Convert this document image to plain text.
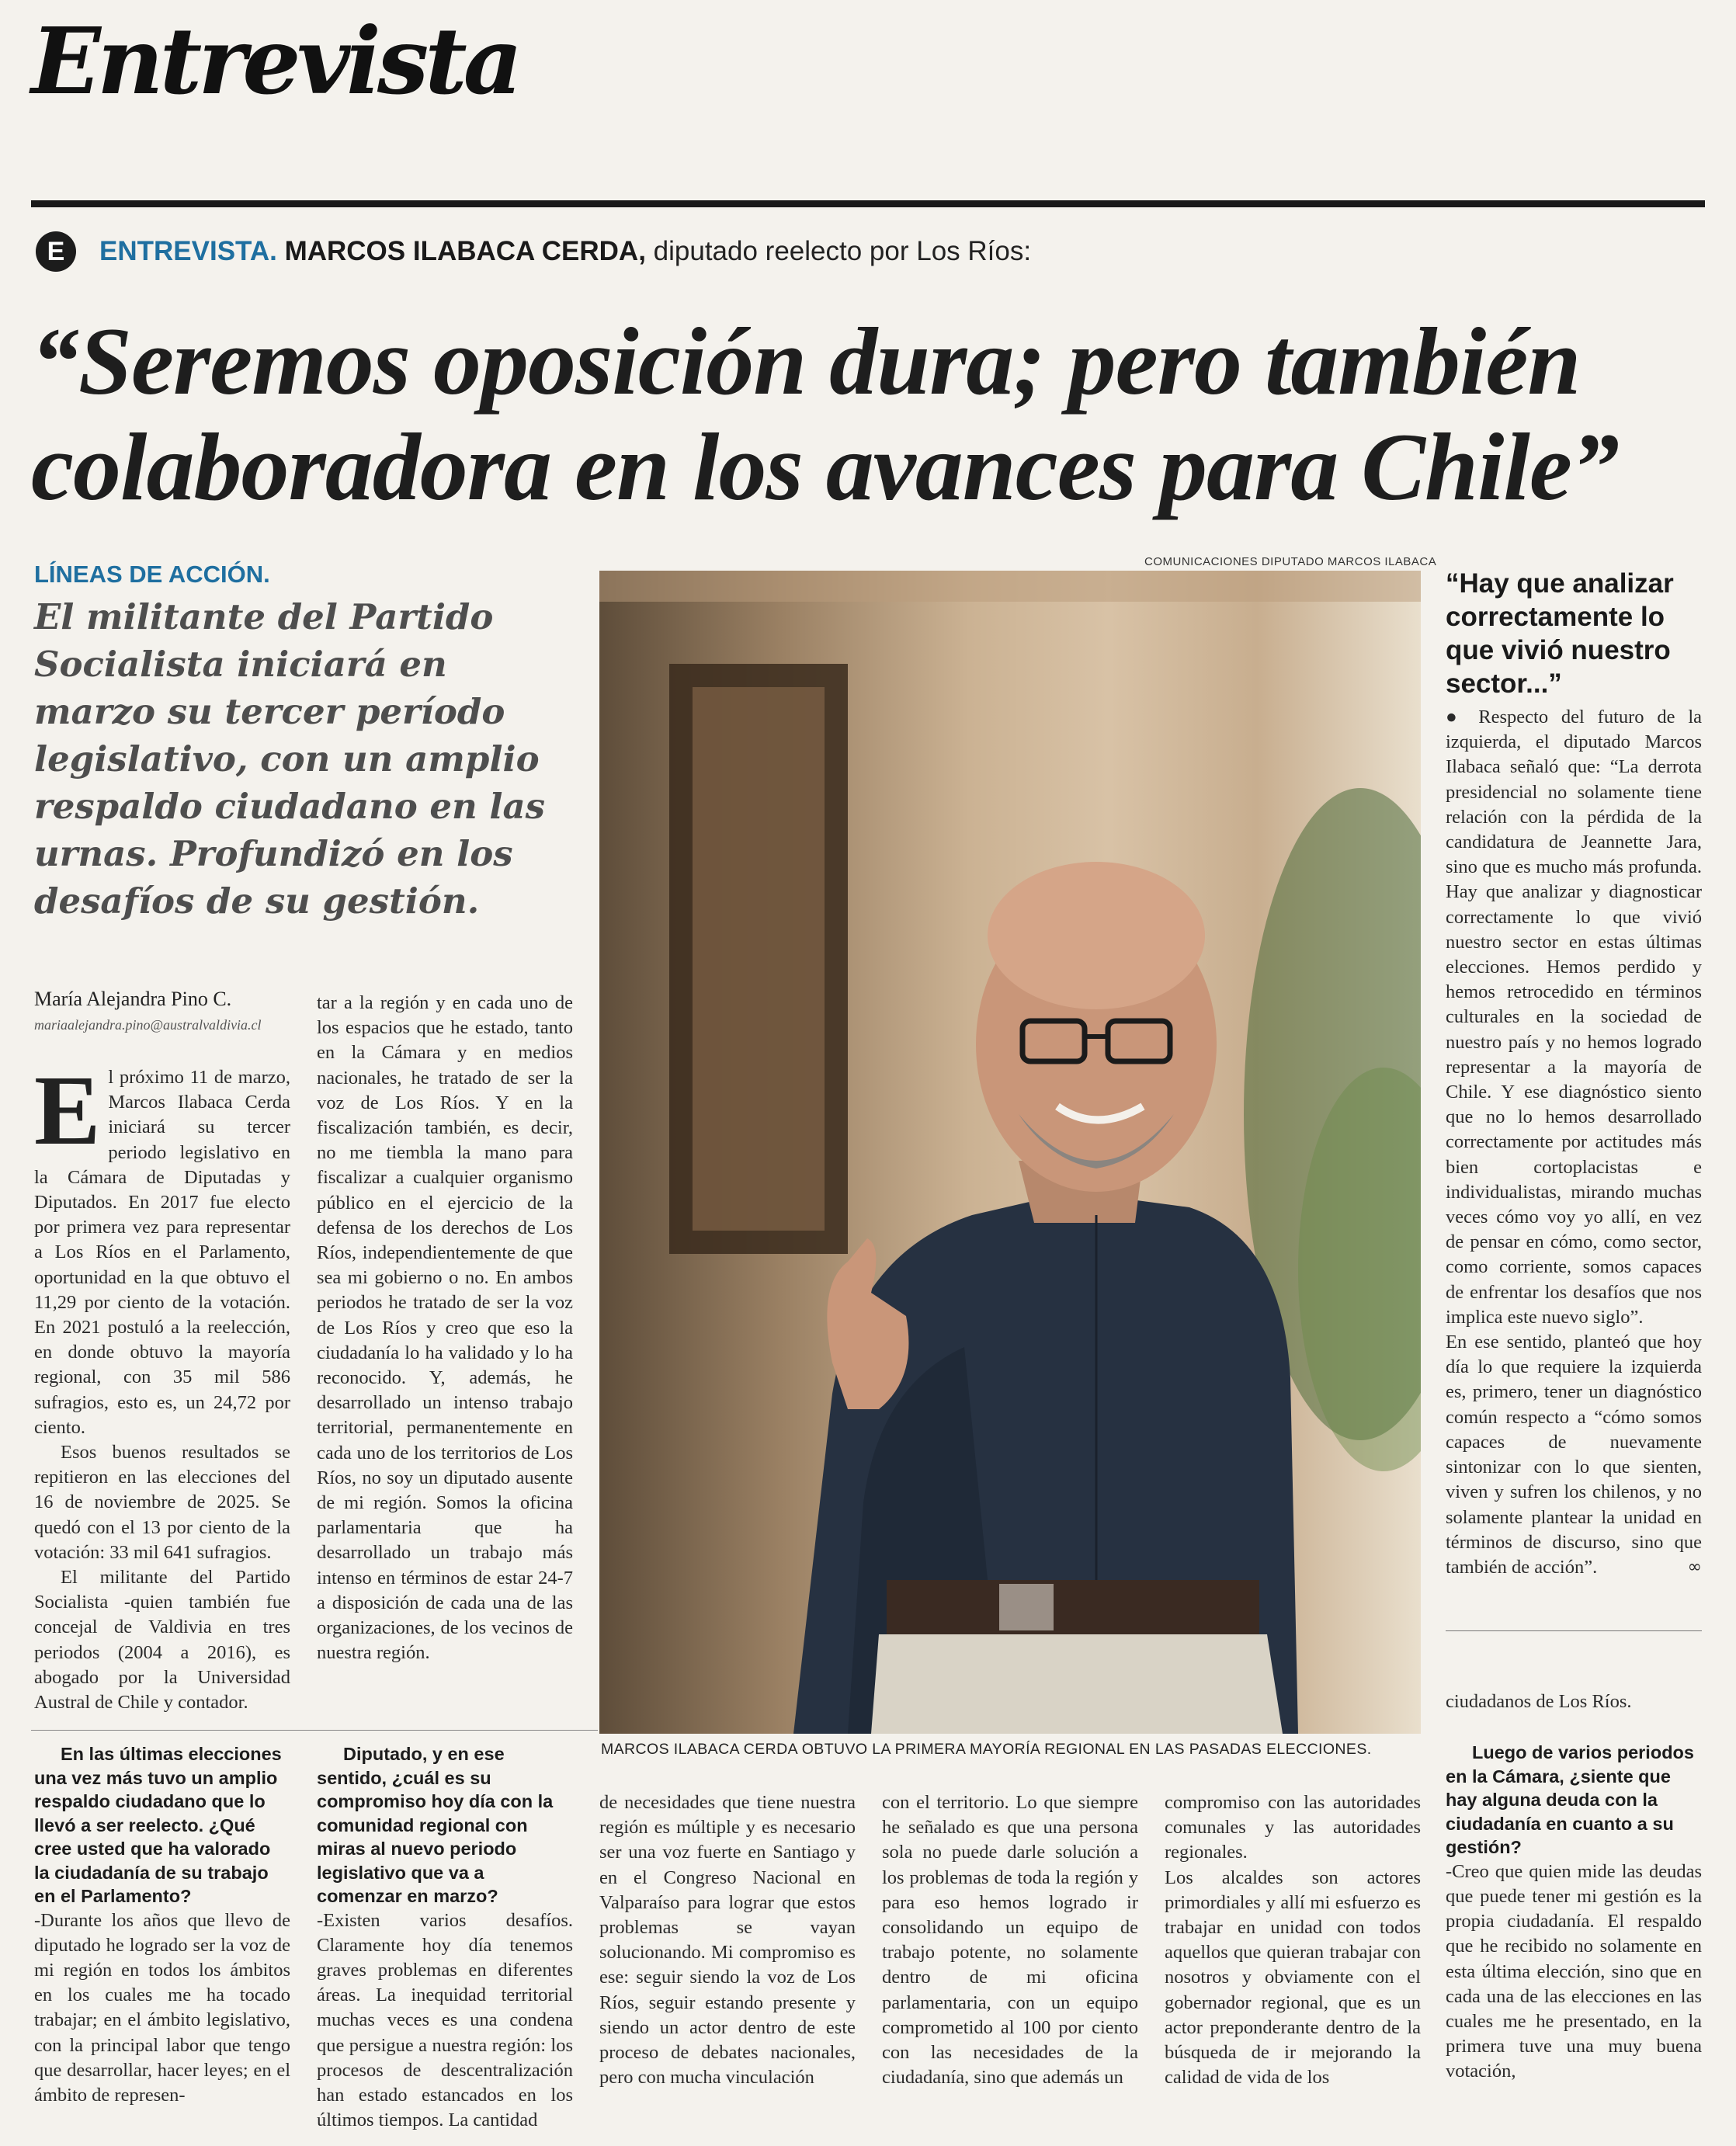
Entrevista
E	ENTREVISTA. MARCOS ILABACA CERDA, diputado reelecto por Los Ríos:
“Seremos oposición dura; pero también colaboradora en los avances para Chile”
LÍNEAS DE ACCIÓN.

El militante del Partido Socialista iniciará en marzo su tercer período legislativo, con un amplio respaldo ciudadano en las urnas. Profundizó en los desafíos de su gestión.

María Alejandra Pino C.
mariaalejandra.pino@australvaldivia.cl

El próximo 11 de marzo, Marcos Ilabaca Cerda iniciará su tercer periodo legislativo en la Cámara de Diputadas y Diputados. En 2017 fue electo por primera vez para representar a Los Ríos en el Parlamento, oportunidad en la que obtuvo el 11,29 por ciento de la votación. En 2021 postuló a la reelección, en donde obtuvo la mayoría regional, con 35 mil 586 sufragios, esto es, un 24,72 por ciento.

Esos buenos resultados se repitieron en las elecciones del 16 de noviembre de 2025. Se quedó con el 13 por ciento de la votación: 33 mil 641 sufragios.

El militante del Partido Socialista -quien también fue concejal de Valdivia en tres periodos (2004 a 2016), es abogado por la Universidad Austral de Chile y contador.

tar a la región y en cada uno de los espacios que he estado, tanto en la Cámara y en medios nacionales, he tratado de ser la voz de Los Ríos. Y en la fiscalización también, es decir, no me tiembla la mano para fiscalizar a cualquier organismo público en el ejercicio de la defensa de los derechos de Los Ríos, independientemente de que sea mi gobierno o no. En ambos periodos he tratado de ser la voz de Los Ríos y creo que eso la ciudadanía lo ha validado y lo ha reconocido. Y, además, he desarrollado un intenso trabajo territorial, permanentemente en cada uno de los territorios de Los Ríos, no soy un diputado ausente de mi región. Somos la oficina parlamentaria que ha desarrollado un trabajo más intenso en términos de estar 24-7 a disposición de cada una de las organizaciones, de los vecinos de nuestra región.

En las últimas elecciones una vez más tuvo un amplio respaldo ciudadano que lo llevó a ser reelecto. ¿Qué cree usted que ha valorado la ciudadanía de su trabajo en el Parlamento?

-Durante los años que llevo de diputado he logrado ser la voz de mi región en todos los ámbitos en los cuales me ha tocado trabajar; en el ámbito legislativo, con la principal labor que tengo que desarrollar, hacer leyes; en el ámbito de represen-

Diputado, y en ese sentido, ¿cuál es su compromiso hoy día con la comunidad regional con miras al nuevo periodo legislativo que va a comenzar en marzo?

-Existen varios desafíos. Claramente hoy día tenemos graves problemas en diferentes áreas. La inequidad territorial muchas veces es una condena que persigue a nuestra región: los procesos de descentralización han estado estancados en los últimos tiempos. La cantidad

COMUNICACIONES DIPUTADO MARCOS ILABACA
MARCOS ILABACA CERDA OBTUVO LA PRIMERA MAYORÍA REGIONAL EN LAS PASADAS ELECCIONES.
“Hay que analizar correctamente lo que vivió nuestro sector...”

● Respecto del futuro de la izquierda, el diputado Marcos Ilabaca señaló que: “La derrota presidencial no solamente tiene relación con la pérdida de la candidatura de Jeannette Jara, sino que es mucho más profunda. Hay que analizar y diagnosticar correctamente lo que vivió nuestro sector en estas últimas elecciones. Hemos perdido y hemos retrocedido en términos culturales en la sociedad de nuestro país y no hemos logrado representar a la mayoría de Chile. Y ese diagnóstico siento que no lo hemos desarrollado correctamente por actitudes más bien cortoplacistas e individualistas, mirando muchas veces cómo voy yo allí, en vez de pensar en cómo, como sector, como corriente, somos capaces de enfrentar los desafíos que nos implica este nuevo siglo”.

En ese sentido, planteó que hoy día lo que requiere la izquierda es, primero, tener un diagnóstico común respecto a “cómo somos capaces de nuevamente sintonizar con lo que sienten, viven y sufren los chilenos, y no solamente plantear la unidad en términos de discurso, sino que también de acción”.	∞

de necesidades que tiene nuestra región es múltiple y es necesario ser una voz fuerte en Santiago y en el Congreso Nacional en Valparaíso para lograr que estos problemas se vayan solucionando. Mi compromiso es ese: seguir siendo la voz de Los Ríos, seguir estando presente y siendo un actor dentro de este proceso de debates nacionales, pero con mucha vinculación

con el territorio. Lo que siempre he señalado es que una persona sola no puede darle solución a los problemas de toda la región y para eso hemos logrado ir consolidando un equipo de trabajo potente, no solamente dentro de mi oficina parlamentaria, con un equipo comprometido al 100 por ciento con las necesidades de la ciudadanía, sino que además un

compromiso con las autoridades comunales y las autoridades regionales.

Los alcaldes son actores primordiales y allí mi esfuerzo es trabajar en unidad con todos aquellos que quieran trabajar con nosotros y obviamente con el gobernador regional, que es un actor preponderante dentro de la búsqueda de ir mejorando la calidad de vida de los

ciudadanos de Los Ríos.

Luego de varios periodos en la Cámara, ¿siente que hay alguna deuda con la ciudadanía en cuanto a su gestión?

-Creo que quien mide las deudas que puede tener mi gestión es la propia ciudadanía. El respaldo que he recibido no solamente en esta última elección, sino que en cada una de las elecciones en las cuales me he presentado, en la primera tuve una muy buena votación,
